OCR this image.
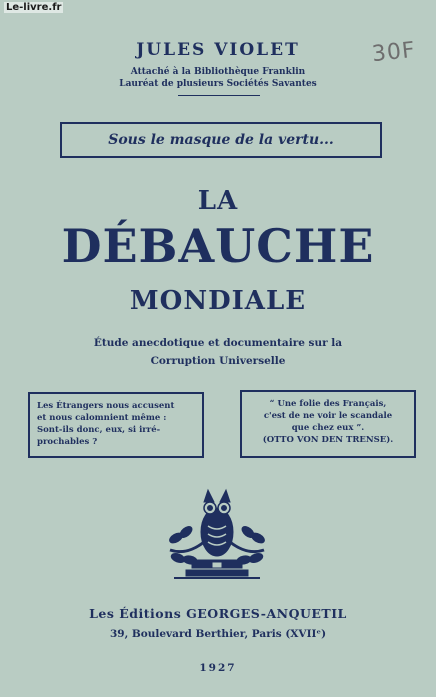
Le-livre.fr
30F
JULES VIOLET
Attaché à la Bibliothèque Franklin
Lauréat de plusieurs Sociétés Savantes
Sous le masque de la vertu...
LA
DÉBAUCHE
MONDIALE
Étude anecdotique et documentaire sur la
Corruption Universelle
Les Étrangers nous accusent
et nous calomnient même :
Sont-ils donc, eux, si irré-
prochables ?
“ Une folie des Français,
c'est de ne voir le scandale
que chez eux ”.
(OTTO VON DEN TRENSE).
Les Éditions GEORGES-ANQUETIL
39, Boulevard Berthier, Paris (XVIIᵉ)
1927
